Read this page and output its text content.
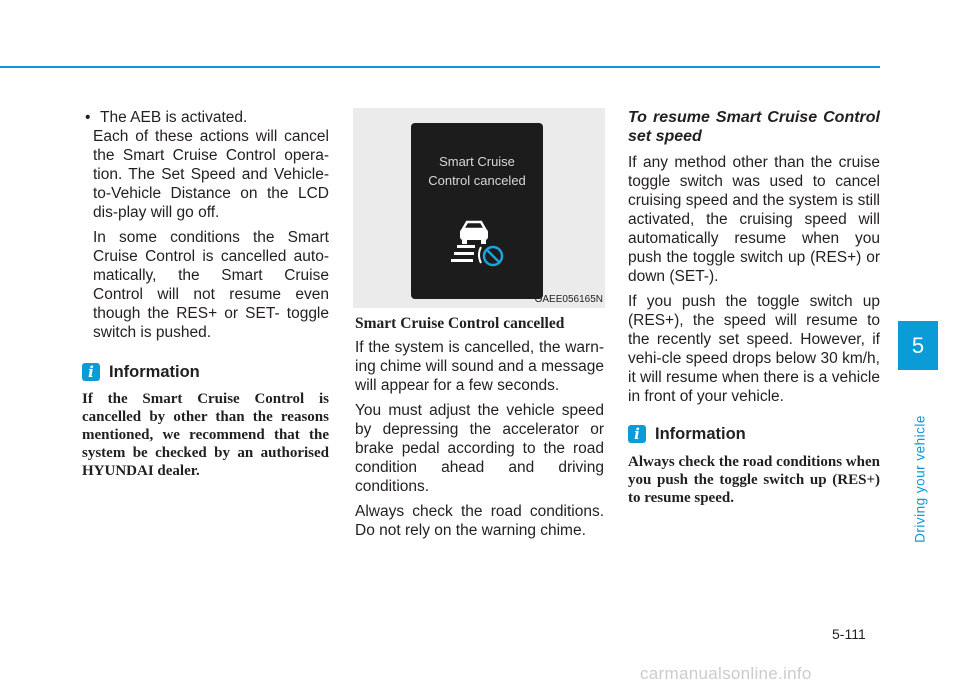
• The AEB is activated.

Each of these actions will cancel the Smart Cruise Control opera-tion. The Set Speed and Vehicle-to-Vehicle Distance on the LCD dis-play will go off.

In some conditions the Smart Cruise Control is cancelled auto-matically, the Smart Cruise Control will not resume even though the RES+ or SET- toggle switch is pushed.

i Information

If the Smart Cruise Control is cancelled by other than the reasons mentioned, we recommend that the system be checked by an authorised HYUNDAI dealer.

Smart Cruise
Control canceled
OAEE056165N

Smart Cruise Control cancelled

If the system is cancelled, the warn-ing chime will sound and a message will appear for a few seconds.

You must adjust the vehicle speed by depressing the accelerator or brake pedal according to the road condition ahead and driving conditions.

Always check the road conditions. Do not rely on the warning chime.

To resume Smart Cruise Control set speed

If any method other than the cruise toggle switch was used to cancel cruising speed and the system is still activated, the cruising speed will automatically resume when you push the toggle switch up (RES+) or down (SET-).

If you push the toggle switch up (RES+), the speed will resume to the recently set speed. However, if vehi-cle speed drops below 30 km/h, it will resume when there is a vehicle in front of your vehicle.

i Information

Always check the road conditions when you push the toggle switch up (RES+) to resume speed.

5
Driving your vehicle
5-111
carmanualsonline.info
